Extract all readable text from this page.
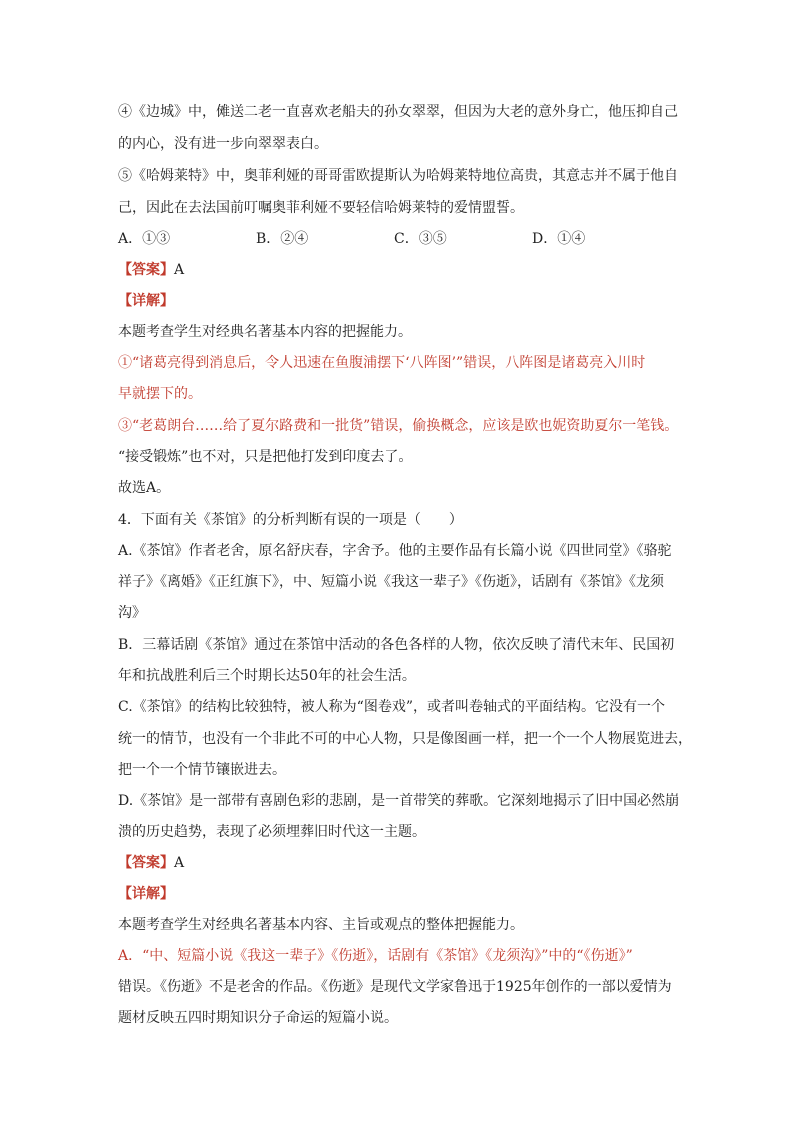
④《边城》中，傩送二老一直喜欢老船夫的孙女翠翠，但因为大老的意外身亡，他压抑自己
的内心，没有进一步向翠翠表白。
⑤《哈姆莱特》中，奥菲利娅的哥哥雷欧提斯认为哈姆莱特地位高贵，其意志并不属于他自
己，因此在去法国前叮嘱奥菲利娅不要轻信哈姆莱特的爱情盟誓。
A．①③	B．②④	C．③⑤	D．①④
【答案】A
【详解】
本题考查学生对经典名著基本内容的把握能力。
①“诸葛亮得到消息后，令人迅速在鱼腹浦摆下‘八阵图’”错误，八阵图是诸葛亮入川时
早就摆下的。
③“老葛朗台……给了夏尔路费和一批货”错误，偷换概念，应该是欧也妮资助夏尔一笔钱。
“接受锻炼”也不对，只是把他打发到印度去了。
故选A。
4．下面有关《茶馆》的分析判断有误的一项是（　　）
A.《茶馆》作者老舍，原名舒庆春，字舍予。他的主要作品有长篇小说《四世同堂》《骆驼
祥子》《离婚》《正红旗下》，中、短篇小说《我这一辈子》《伤逝》，话剧有《茶馆》《龙须
沟》
B．三幕话剧《茶馆》通过在茶馆中活动的各色各样的人物，依次反映了清代末年、民国初
年和抗战胜利后三个时期长达50年的社会生活。
C.《茶馆》的结构比较独特，被人称为“图卷戏”，或者叫卷轴式的平面结构。它没有一个
统一的情节，也没有一个非此不可的中心人物，只是像图画一样，把一个一个人物展览进去，
把一个一个情节镶嵌进去。
D.《茶馆》是一部带有喜剧色彩的悲剧，是一首带笑的葬歌。它深刻地揭示了旧中国必然崩
溃的历史趋势，表现了必须埋葬旧时代这一主题。
【答案】A
【详解】
本题考查学生对经典名著基本内容、主旨或观点的整体把握能力。
A．“中、短篇小说《我这一辈子》《伤逝》，话剧有《茶馆》《龙须沟》”中的“《伤逝》”
错误。《伤逝》不是老舍的作品。《伤逝》是现代文学家鲁迅于1925年创作的一部以爱情为
题材反映五四时期知识分子命运的短篇小说。
